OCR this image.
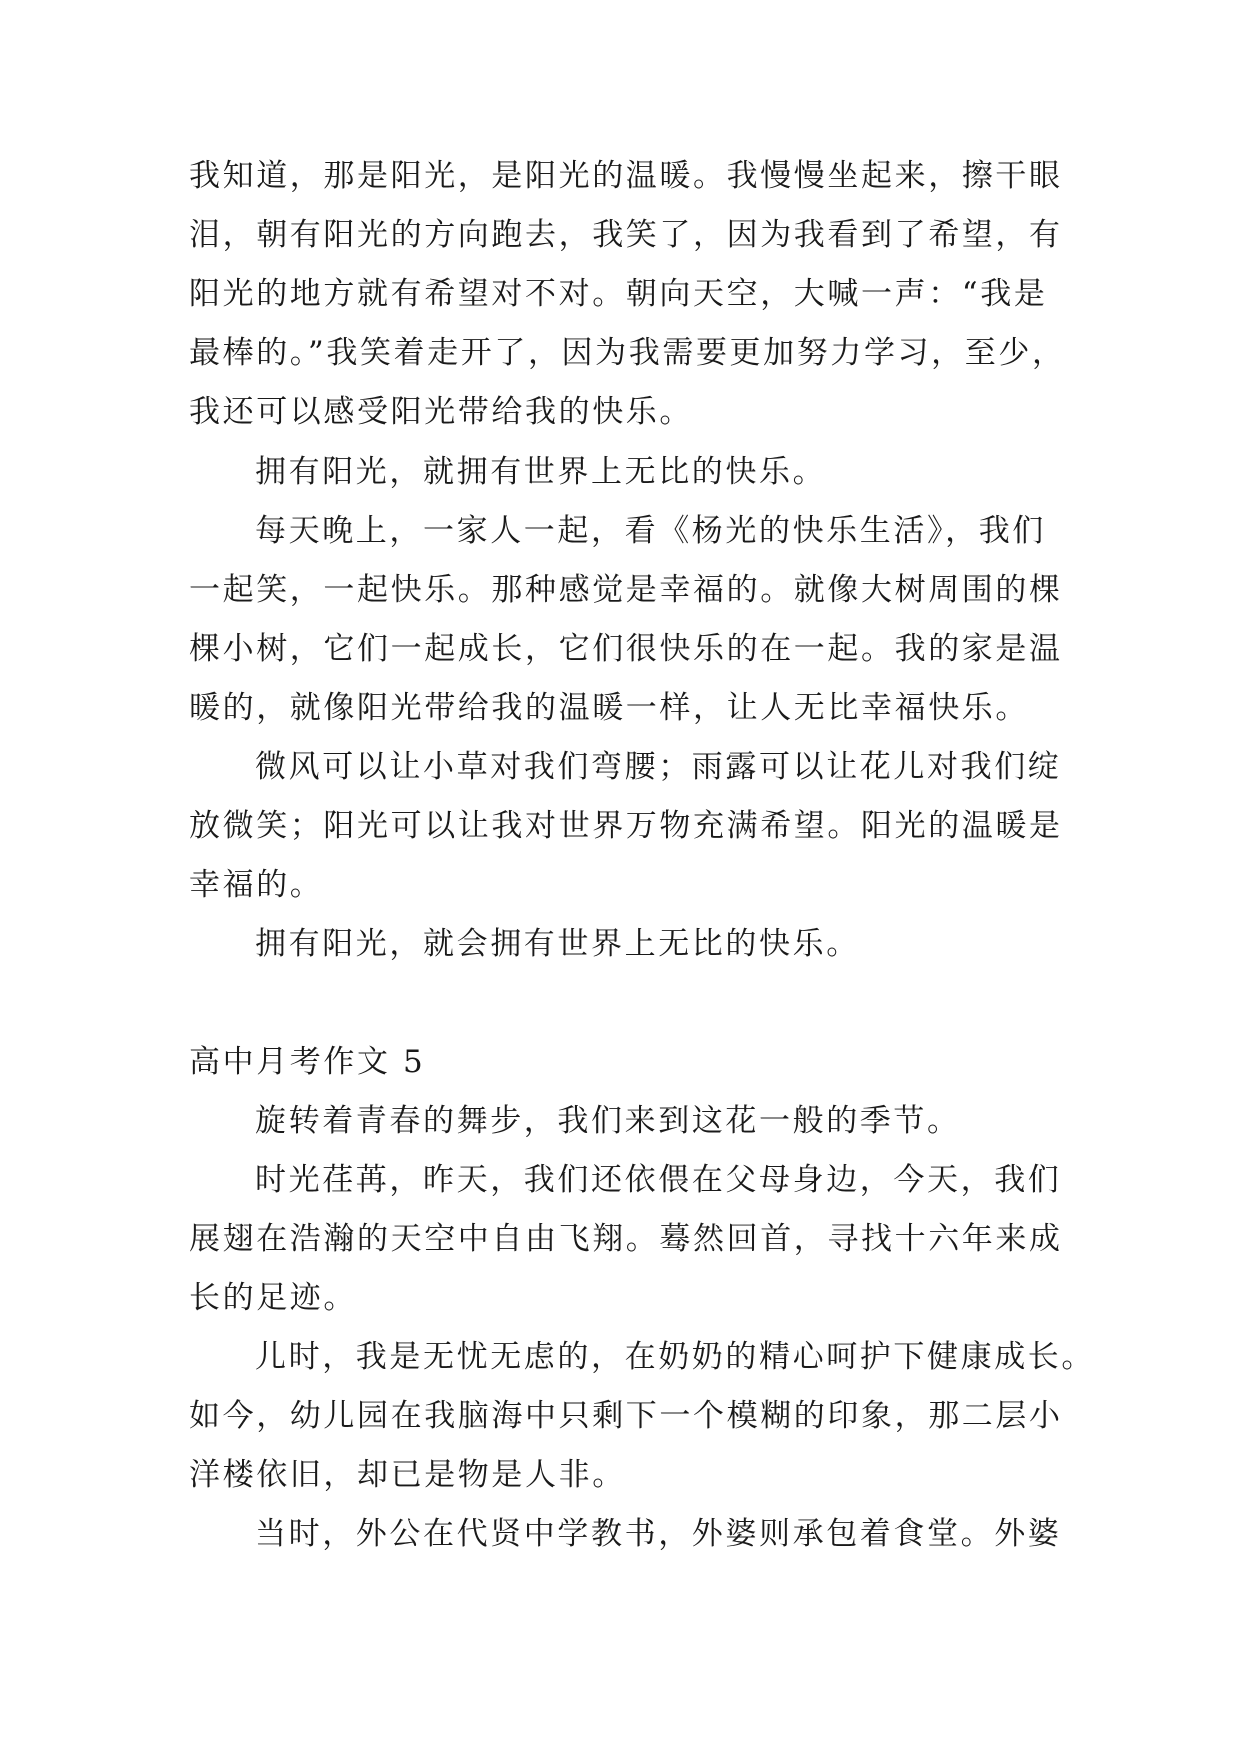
我知道，那是阳光，是阳光的温暖。我慢慢坐起来，擦干眼
泪，朝有阳光的方向跑去，我笑了，因为我看到了希望，有
阳光的地方就有希望对不对。朝向天空，大喊一声：“我是
最棒的。”我笑着走开了，因为我需要更加努力学习，至少，
我还可以感受阳光带给我的快乐。
拥有阳光，就拥有世界上无比的快乐。
每天晚上，一家人一起，看《杨光的快乐生活》，我们
一起笑，一起快乐。那种感觉是幸福的。就像大树周围的棵
棵小树，它们一起成长，它们很快乐的在一起。我的家是温
暖的，就像阳光带给我的温暖一样，让人无比幸福快乐。
微风可以让小草对我们弯腰；雨露可以让花儿对我们绽
放微笑；阳光可以让我对世界万物充满希望。阳光的温暖是
幸福的。
拥有阳光，就会拥有世界上无比的快乐。
高中月考作文 5
旋转着青春的舞步，我们来到这花一般的季节。
时光荏苒，昨天，我们还依偎在父母身边，今天，我们
展翅在浩瀚的天空中自由飞翔。蓦然回首，寻找十六年来成
长的足迹。
儿时，我是无忧无虑的，在奶奶的精心呵护下健康成长。
如今，幼儿园在我脑海中只剩下一个模糊的印象，那二层小
洋楼依旧，却已是物是人非。
当时，外公在代贤中学教书，外婆则承包着食堂。外婆
